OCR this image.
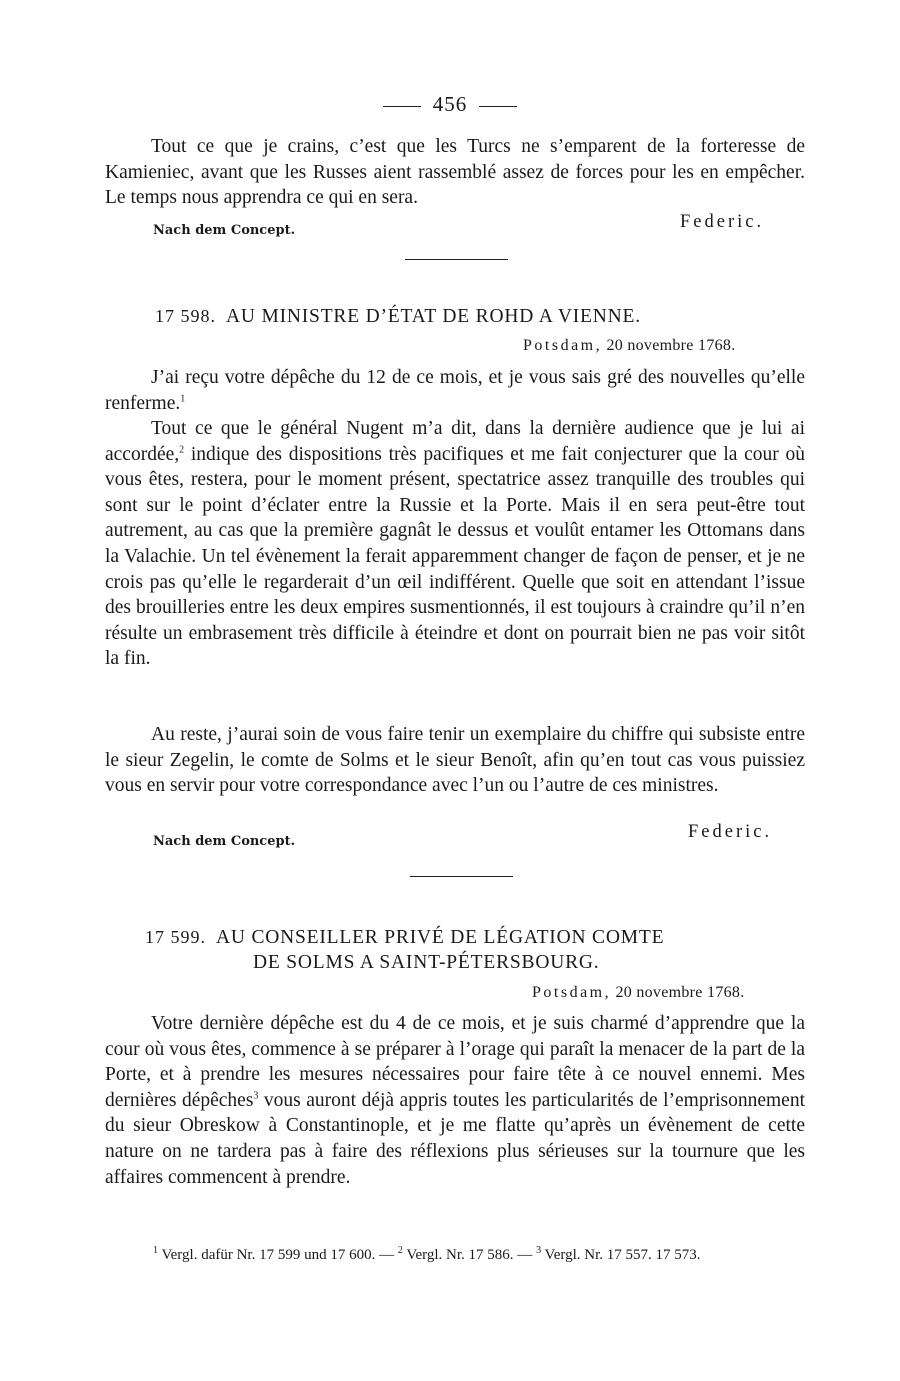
456

Tout ce que je crains, c’est que les Turcs ne s’emparent de la forteresse de Kamieniec, avant que les Russes aient rassemblé assez de forces pour les en empêcher. Le temps nous apprendra ce qui en sera.

Federic.
Nach dem Concept.
17 598. AU MINISTRE D’ÉTAT DE ROHD A VIENNE.
Potsdam, 20 novembre 1768.

J’ai reçu votre dépêche du 12 de ce mois, et je vous sais gré des nouvelles qu’elle renferme.$^1$

Tout ce que le général Nugent m’a dit, dans la dernière audience que je lui ai accordée,$^2$ indique des dispositions très pacifiques et me fait conjecturer que la cour où vous êtes, restera, pour le moment présent, spectatrice assez tranquille des troubles qui sont sur le point d’éclater entre la Russie et la Porte. Mais il en sera peut-être tout autrement, au cas que la première gagnât le dessus et voulût entamer les Ottomans dans la Valachie. Un tel évènement la ferait apparemment changer de façon de penser, et je ne crois pas qu’elle le regarderait d’un œil indifférent. Quelle que soit en attendant l’issue des brouilleries entre les deux empires susmentionnés, il est toujours à craindre qu’il n’en résulte un embrasement très difficile à éteindre et dont on pourrait bien ne pas voir sitôt la fin.

Au reste, j’aurai soin de vous faire tenir un exemplaire du chiffre qui subsiste entre le sieur Zegelin, le comte de Solms et le sieur Benoît, afin qu’en tout cas vous puissiez vous en servir pour votre correspondance avec l’un ou l’autre de ces ministres.

Federic.
Nach dem Concept.
17 599. AU CONSEILLER PRIVÉ DE LÉGATION COMTE
DE SOLMS A SAINT-PÉTERSBOURG.
Potsdam, 20 novembre 1768.

Votre dernière dépêche est du 4 de ce mois, et je suis charmé d’apprendre que la cour où vous êtes, commence à se préparer à l’orage qui paraît la menacer de la part de la Porte, et à prendre les mesures nécessaires pour faire tête à ce nouvel ennemi. Mes dernières dépêches$^3$ vous auront déjà appris toutes les particularités de l’emprisonnement du sieur Obreskow à Constantinople, et je me flatte qu’après un évènement de cette nature on ne tardera pas à faire des réflexions plus sérieuses sur la tournure que les affaires commencent à prendre.

$^1$ Vergl. dafür Nr. 17 599 und 17 600. — $^2$ Vergl. Nr. 17 586. — $^3$ Vergl. Nr. 17 557. 17 573.
